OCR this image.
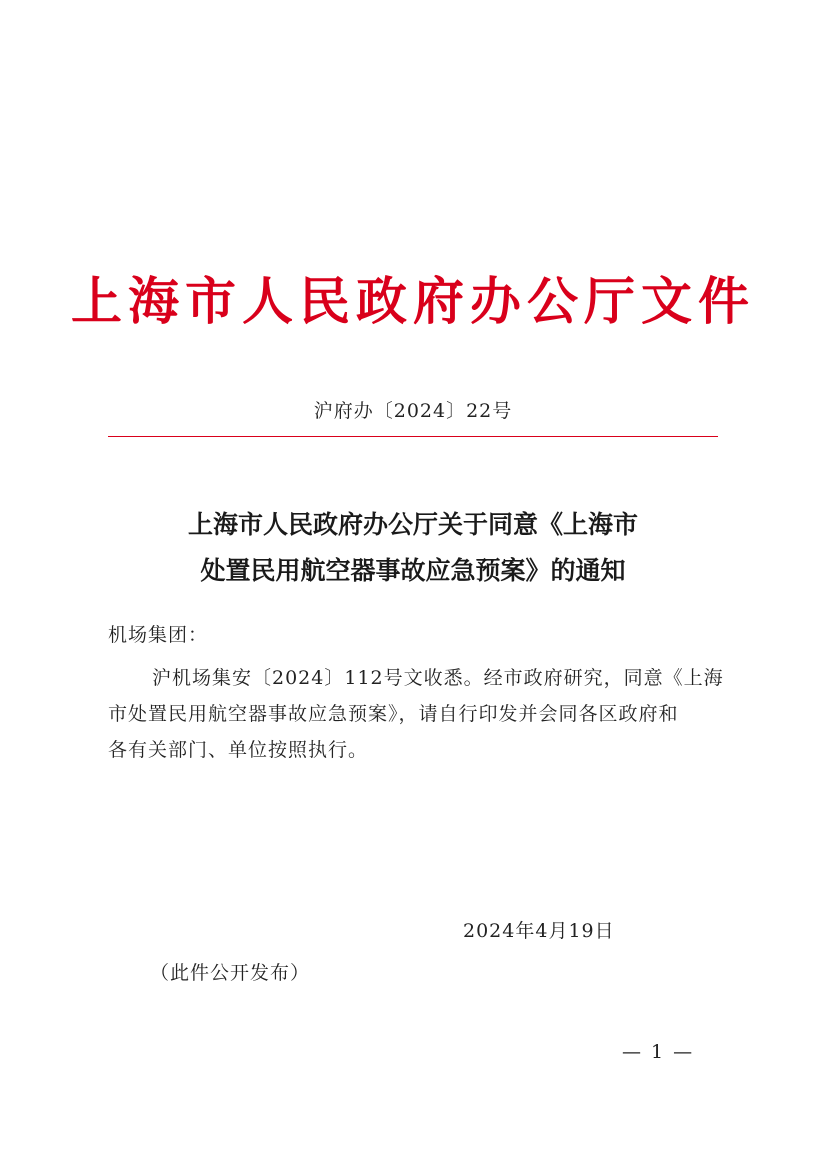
上海市人民政府办公厅文件
沪府办〔2024〕22号
上海市人民政府办公厅关于同意《上海市
处置民用航空器事故应急预案》的通知
机场集团：
沪机场集安〔2024〕112号文收悉。经市政府研究，同意《上海
市处置民用航空器事故应急预案》，请自行印发并会同各区政府和
各有关部门、单位按照执行。
2024年4月19日
（此件公开发布）
— 1 —
